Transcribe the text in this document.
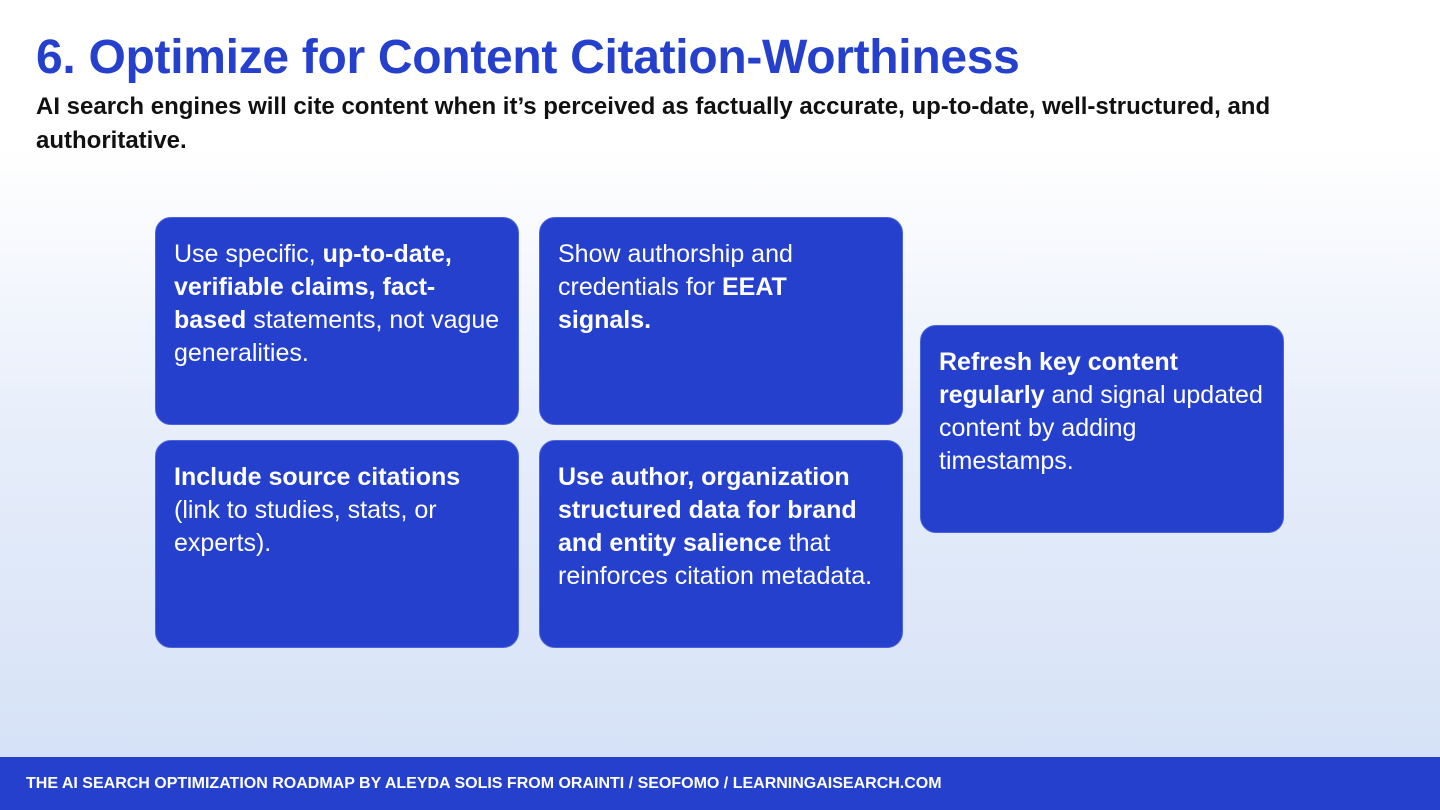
6. Optimize for Content Citation-Worthiness

AI search engines will cite content when it’s perceived as factually accurate, up-to-date, well-structured, and authoritative.

Use specific, up-to-date, verifiable claims, fact-based statements, not vague generalities.
Show authorship and credentials for EEAT signals.
Include source citations (link to studies, stats, or experts).
Use author, organization structured data for brand and entity salience that reinforces citation metadata.
Refresh key content regularly and signal updated content by adding timestamps.
THE AI SEARCH OPTIMIZATION ROADMAP BY ALEYDA SOLIS FROM ORAINTI / SEOFOMO / LEARNINGAISEARCH.COM
